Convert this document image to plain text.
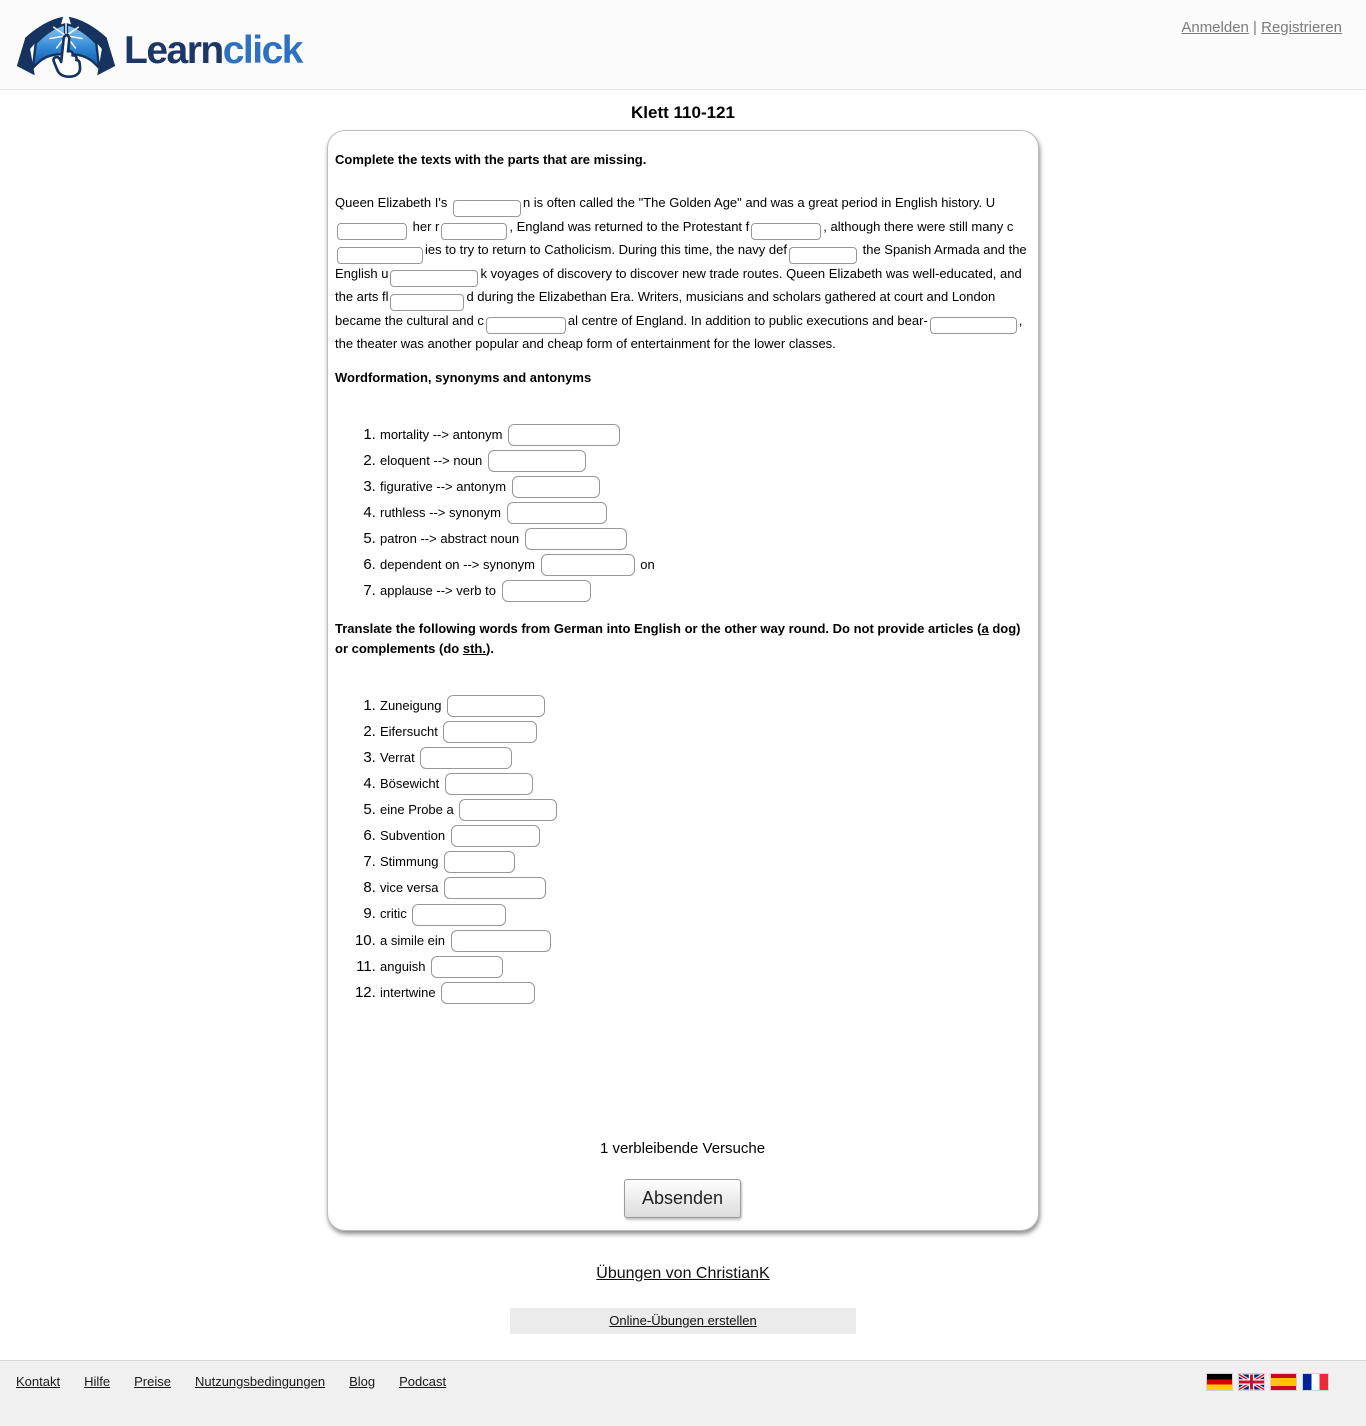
Learnclick
Anmelden | Registrieren
Klett 110-121

Complete the texts with the parts that are missing.

Queen Elizabeth I's	n is often called the "The Golden Age" and was a great period in English history. U her r	, England was returned to the Protestant f	, although there were still many cies to try to return to Catholicism. During this time, the navy def	the Spanish Armada and the English u	k voyages of discovery to discover new trade routes. Queen Elizabeth was well-educated, and the arts fl	d during the Elizabethan Era. Writers, musicians and scholars gathered at court and London became the cultural and c	al centre of England. In addition to public executions and bear-	, the theater was another popular and cheap form of entertainment for the lower classes.

Wordformation, synonyms and antonyms

1. mortality --> antonym
2. eloquent --> noun
3. figurative --> antonym
4. ruthless --> synonym
5. patron --> abstract noun
6. dependent on --> synonym	on
7. applause --> verb to

Translate the following words from German into English or the other way round. Do not provide articles (a dog) or complements (do sth.).

1. Zuneigung
2. Eifersucht
3. Verrat
4. Bösewicht
5. eine Probe a
6. Subvention
7. Stimmung
8. vice versa
9. critic
10. a simile ein
11. anguish
12. intertwine
1 verbleibende Versuche
Absenden
Übungen von ChristianK
Online-Übungen erstellen
Kontakt Hilfe Preise Nutzungsbedingungen Blog Podcast
